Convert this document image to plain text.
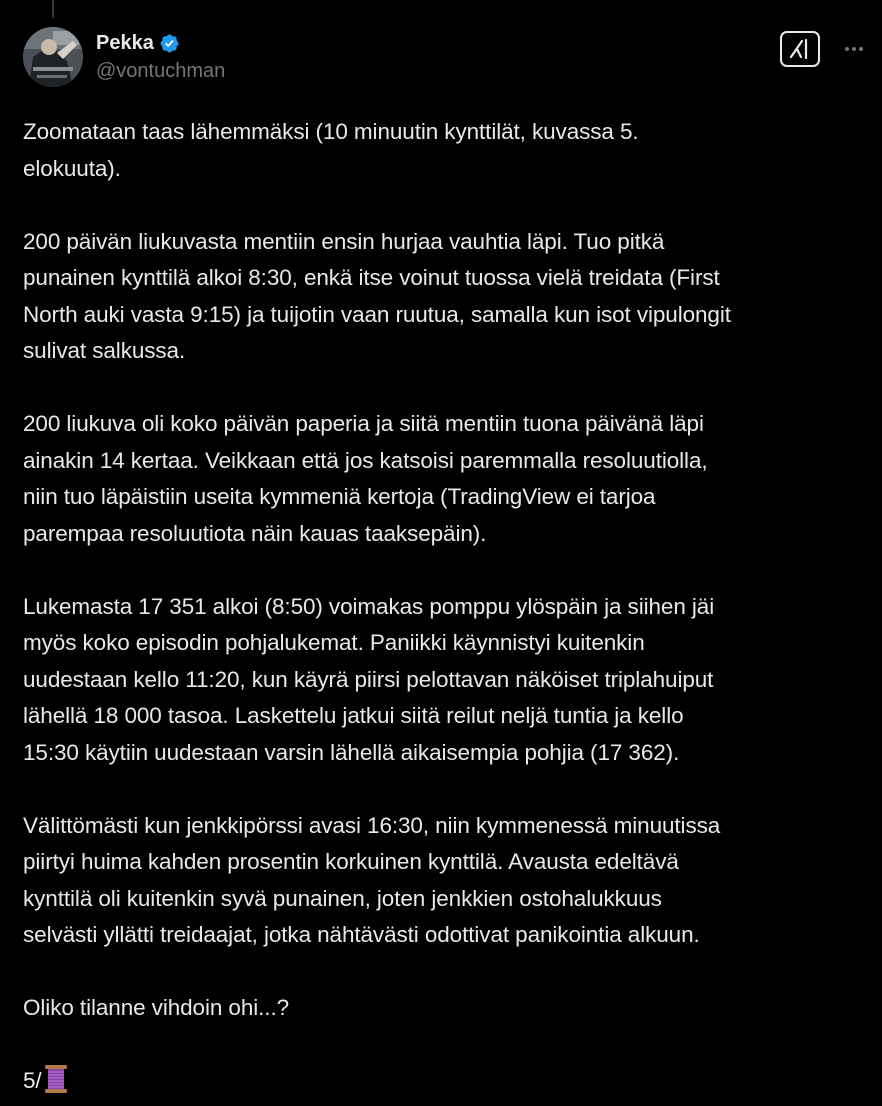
Pekka
@vontuchman

Zoomataan taas lähemmäksi (10 minuutin kynttilät, kuvassa 5.
elokuuta).

200 päivän liukuvasta mentiin ensin hurjaa vauhtia läpi. Tuo pitkä
punainen kynttilä alkoi 8:30, enkä itse voinut tuossa vielä treidata (First
North auki vasta 9:15) ja tuijotin vaan ruutua, samalla kun isot vipulongit
sulivat salkussa.

200 liukuva oli koko päivän paperia ja siitä mentiin tuona päivänä läpi
ainakin 14 kertaa. Veikkaan että jos katsoisi paremmalla resoluutiolla,
niin tuo läpäistiin useita kymmeniä kertoja (TradingView ei tarjoa
parempaa resoluutiota näin kauas taaksepäin).

Lukemasta 17 351 alkoi (8:50) voimakas pomppu ylöspäin ja siihen jäi
myös koko episodin pohjalukemat. Paniikki käynnistyi kuitenkin
uudestaan kello 11:20, kun käyrä piirsi pelottavan näköiset triplahuiput
lähellä 18 000 tasoa. Laskettelu jatkui siitä reilut neljä tuntia ja kello
15:30 käytiin uudestaan varsin lähellä aikaisempia pohjia (17 362).

Välittömästi kun jenkkipörssi avasi 16:30, niin kymmenessä minuutissa
piirtyi huima kahden prosentin korkuinen kynttilä. Avausta edeltävä
kynttilä oli kuitenkin syvä punainen, joten jenkkien ostohalukkuus
selvästi yllätti treidaajat, jotka nähtävästi odottivat panikointia alkuun.

Oliko tilanne vihdoin ohi...?

5/
